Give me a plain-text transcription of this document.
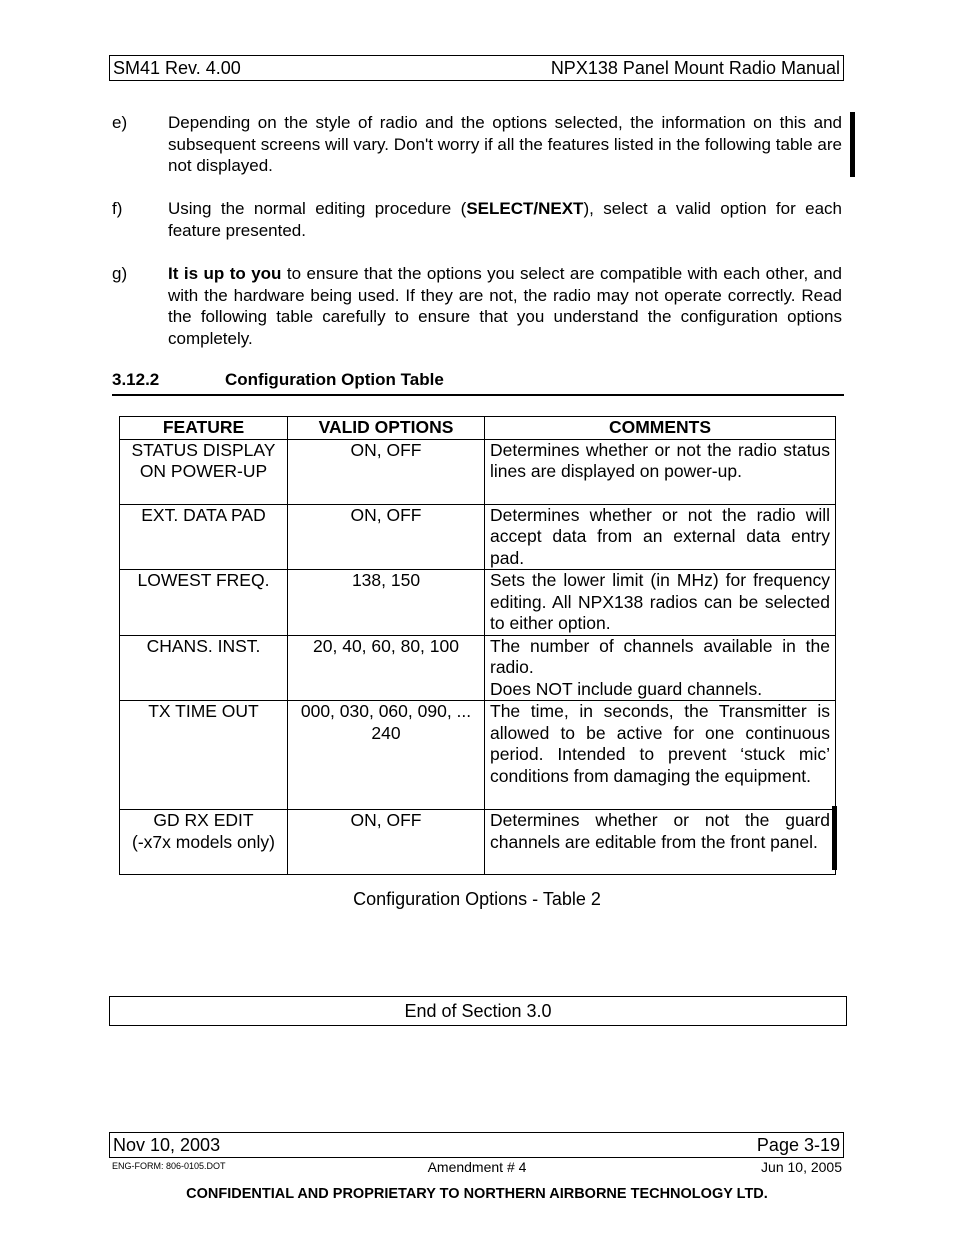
SM41 Rev. 4.00	NPX138 Panel Mount Radio Manual
e)	Depending on the style of radio and the options selected, the information on this and subsequent screens will vary. Don't worry if all the features listed in the following table are not displayed.
f)	Using the normal editing procedure (SELECT/NEXT), select a valid option for each feature presented.
g)	It is up to you to ensure that the options you select are compatible with each other, and with the hardware being used. If they are not, the radio may not operate correctly. Read the following table carefully to ensure that you understand the configuration options completely.
3.12.2	Configuration Option Table
FEATURE	VALID OPTIONS	COMMENTS
STATUS DISPLAY ON POWER-UP	ON, OFF	Determines whether or not the radio status lines are displayed on power-up.
EXT. DATA PAD	ON, OFF	Determines whether or not the radio will accept data from an external data entry pad.
LOWEST FREQ.	138, 150	Sets the lower limit (in MHz) for frequency editing. All NPX138 radios can be selected to either option.
CHANS. INST.	20, 40, 60, 80, 100	The number of channels available in the radio.
Does NOT include guard channels.

TX TIME OUT	000, 030, 060, 090, ... 240	The time, in seconds, the Transmitter is allowed to be active for one continuous period. Intended to prevent ‘stuck mic’ conditions from damaging the equipment.

GD RX EDIT
(-x7x models only)	ON, OFF	Determines whether or not the guard channels are editable from the front panel.
Configuration Options - Table 2
End of Section 3.0
Nov 10, 2003	Page 3-19
ENG-FORM: 806-0105.DOT	Amendment # 4	Jun 10, 2005
CONFIDENTIAL AND PROPRIETARY TO NORTHERN AIRBORNE TECHNOLOGY LTD.
